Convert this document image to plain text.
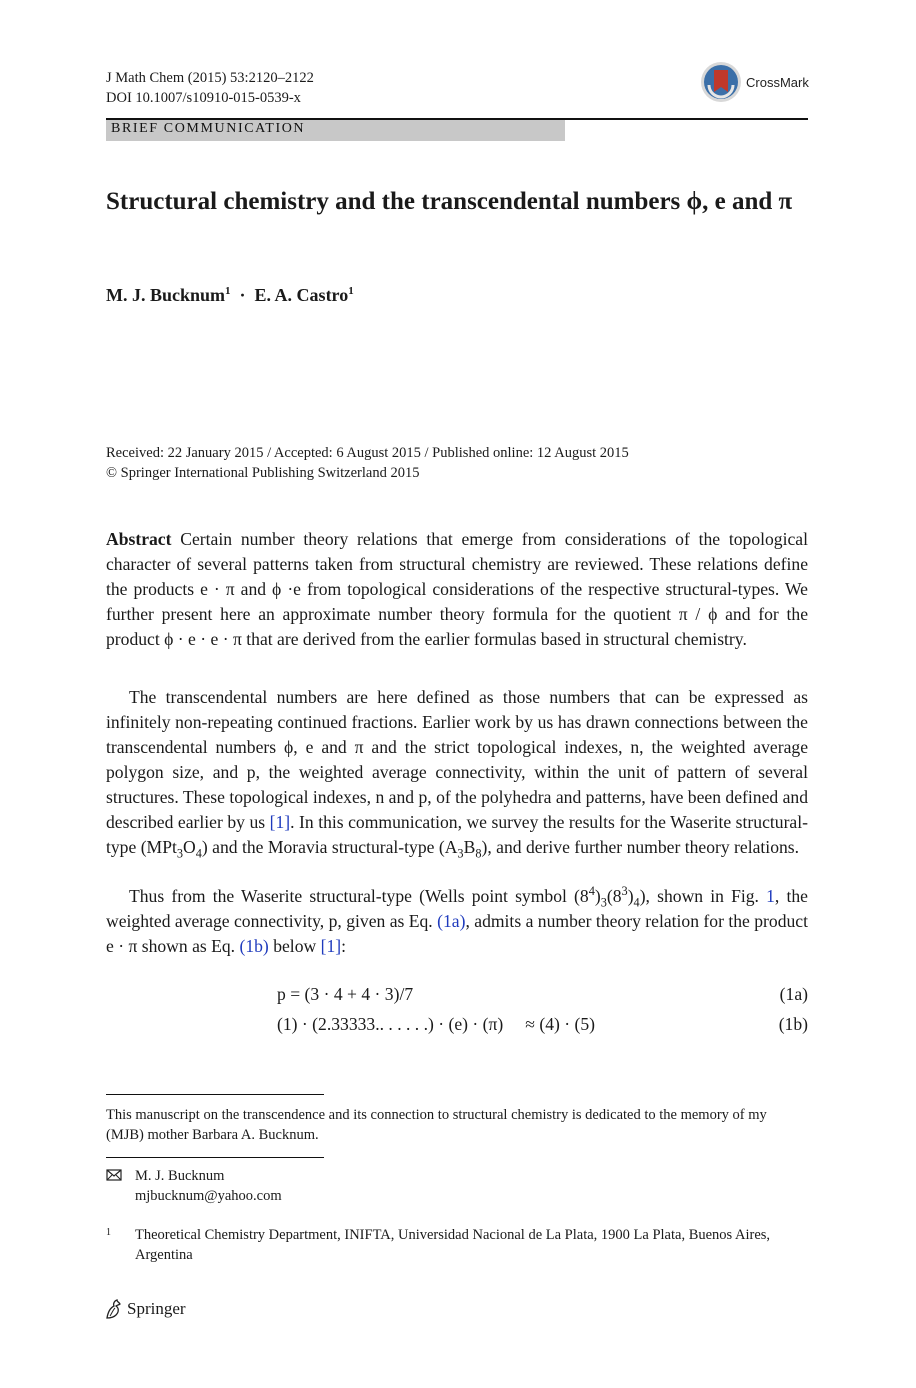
J Math Chem (2015) 53:2120–2122
DOI 10.1007/s10910-015-0539-x
CrossMark
BRIEF COMMUNICATION
Structural chemistry and the transcendental numbers ϕ, e and π
M. J. Bucknum$^1$ · E. A. Castro$^1$
Received: 22 January 2015 / Accepted: 6 August 2015 / Published online: 12 August 2015
© Springer International Publishing Switzerland 2015
Abstract Certain number theory relations that emerge from considerations of the topological character of several patterns taken from structural chemistry are reviewed. These relations define the products e · π and ϕ ·e from topological considerations of the respective structural-types. We further present here an approximate number theory formula for the quotient π / ϕ and for the product ϕ · e · e · π that are derived from the earlier formulas based in structural chemistry.
The transcendental numbers are here defined as those numbers that can be expressed as infinitely non-repeating continued fractions. Earlier work by us has drawn connections between the transcendental numbers ϕ, e and π and the strict topological indexes, n, the weighted average polygon size, and p, the weighted average connectivity, within the unit of pattern of several structures. These topological indexes, n and p, of the polyhedra and patterns, have been defined and described earlier by us [1]. In this communication, we survey the results for the Waserite structural-type $(MPt_3O_4)$ and the Moravia structural-type $(A_3B_8)$, and derive further number theory relations.
Thus from the Waserite structural-type (Wells point symbol $(8^4)_3(8^3)_4$), shown in Fig. 1, the weighted average connectivity, p, given as Eq. (1a), admits a number theory relation for the product e · π shown as Eq. (1b) below [1]:
p = (3 · 4 + 4 · 3)/7	(1a)
(1) · (2.33333.. . . . . .) · (e) · (π)     ≈ (4) · (5)	(1b)
This manuscript on the transcendence and its connection to structural chemistry is dedicated to the memory of my (MJB) mother Barbara A. Bucknum.
M. J. Bucknum
mjbucknum@yahoo.com
1 Theoretical Chemistry Department, INIFTA, Universidad Nacional de La Plata, 1900 La Plata, Buenos Aires, Argentina
Springer
